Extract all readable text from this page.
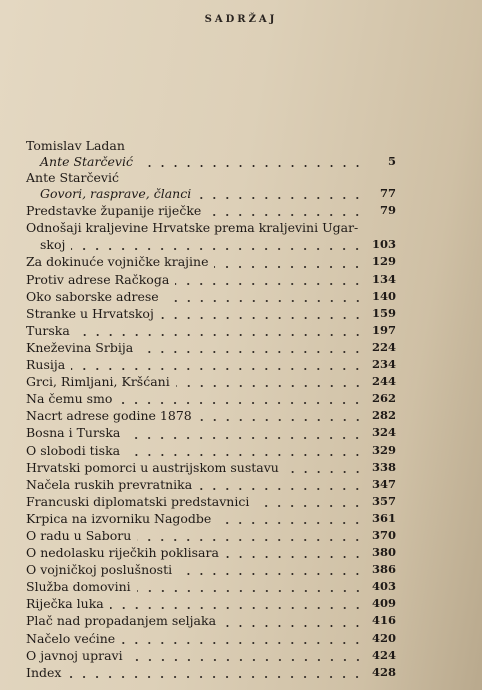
SADRŽAJ
Tomislav Ladan
Ante Starčević	5
Ante Starčević
Govori, rasprave, članci	77
Predstavke županije riječke	79
Odnošaji kraljevine Hrvatske prema kraljevini Ugar-
skoj	103
Za dokinuće vojničke krajine	129
Protiv adrese Račkoga	134
Oko saborske adrese	140
Stranke u Hrvatskoj	159
Turska	197
Kneževina Srbija	224
Rusija	234
Grci, Rimljani, Kršćani	244
Na čemu smo	262
Nacrt adrese godine 1878	282
Bosna i Turska	324
O slobodi tiska	329
Hrvatski pomorci u austrijskom sustavu	338
Načela ruskih prevratnika	347
Francuski diplomatski predstavnici	357
Krpica na izvorniku Nagodbe	361
O radu u Saboru	370
O nedolasku riječkih poklisara	380
O vojničkoj poslušnosti	386
Služba domovini	403
Riječka luka	409
Plač nad propadanjem seljaka	416
Načelo većine	420
O javnoj upravi	424
Index	428
